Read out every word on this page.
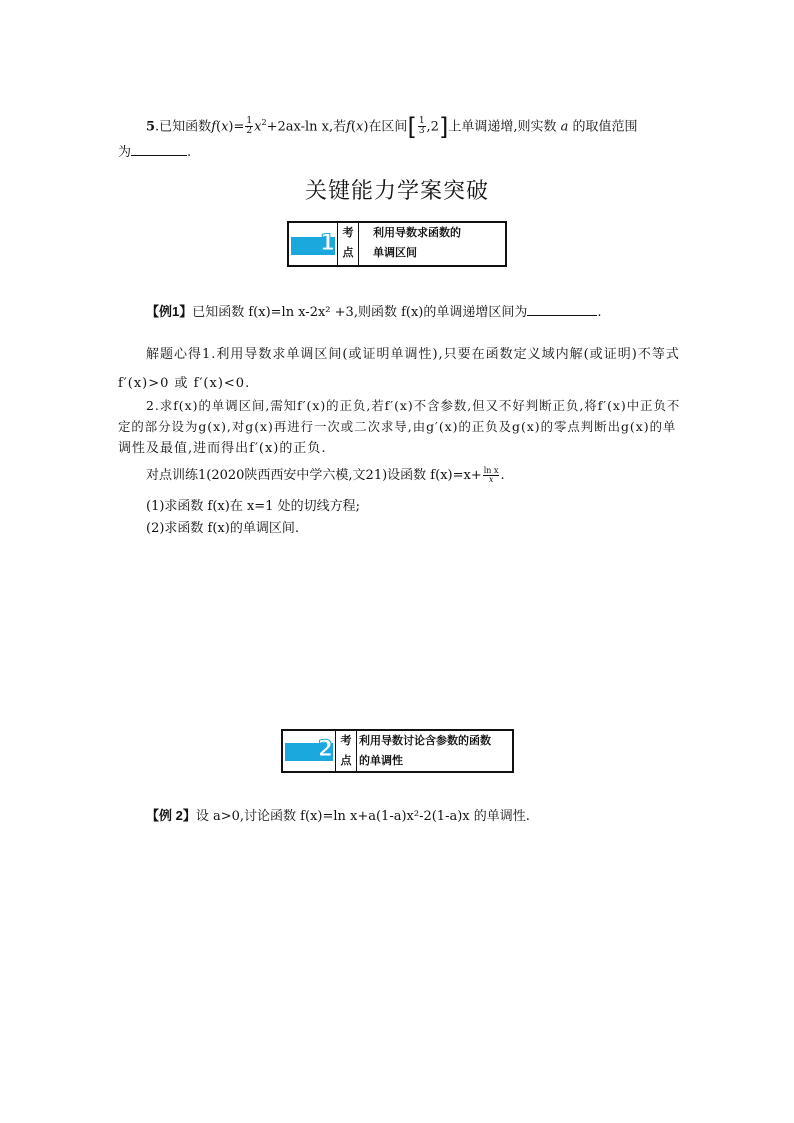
5.已知函数$f(x)= \frac{1}{2} x^2+2ax-\ln$ x,若f(x)在区间[ $\frac{1}{3} ,2$]上单调递增,则实数 a 的取值范围
为	.
关键能力学案突破
1 考
点
利用导数求函数的
单调区间
【例1】已知函数 f(x)=ln x-2x² +3,则函数 f(x)的单调递增区间为	.
解题心得1.利用导数求单调区间(或证明单调性),只要在函数定义域内解(或证明)不等式
f′(x)>0 或 f′(x)<0.
2.求f(x)的单调区间,需知f′(x)的正负,若f′(x)不含参数,但又不好判断正负,将f′(x)中正负不
定的部分设为g(x),对g(x)再进行一次或二次求导,由g′(x)的正负及g(x)的零点判断出g(x)的单
调性及最值,进而得出f′(x)的正负.
对点训练1(2020陕西西安中学六模,文21)设函数 $f(x)=x+ \frac{\text{ln x}}{x}$ .
(1)求函数 f(x)在 x=1 处的切线方程;
(2)求函数 f(x)的单调区间.
2 考
点
利用导数讨论含参数的函数
的单调性
【例 2】设 a>0,讨论函数 f(x)=ln x+a(1-a)x²-2(1-a)x 的单调性.
